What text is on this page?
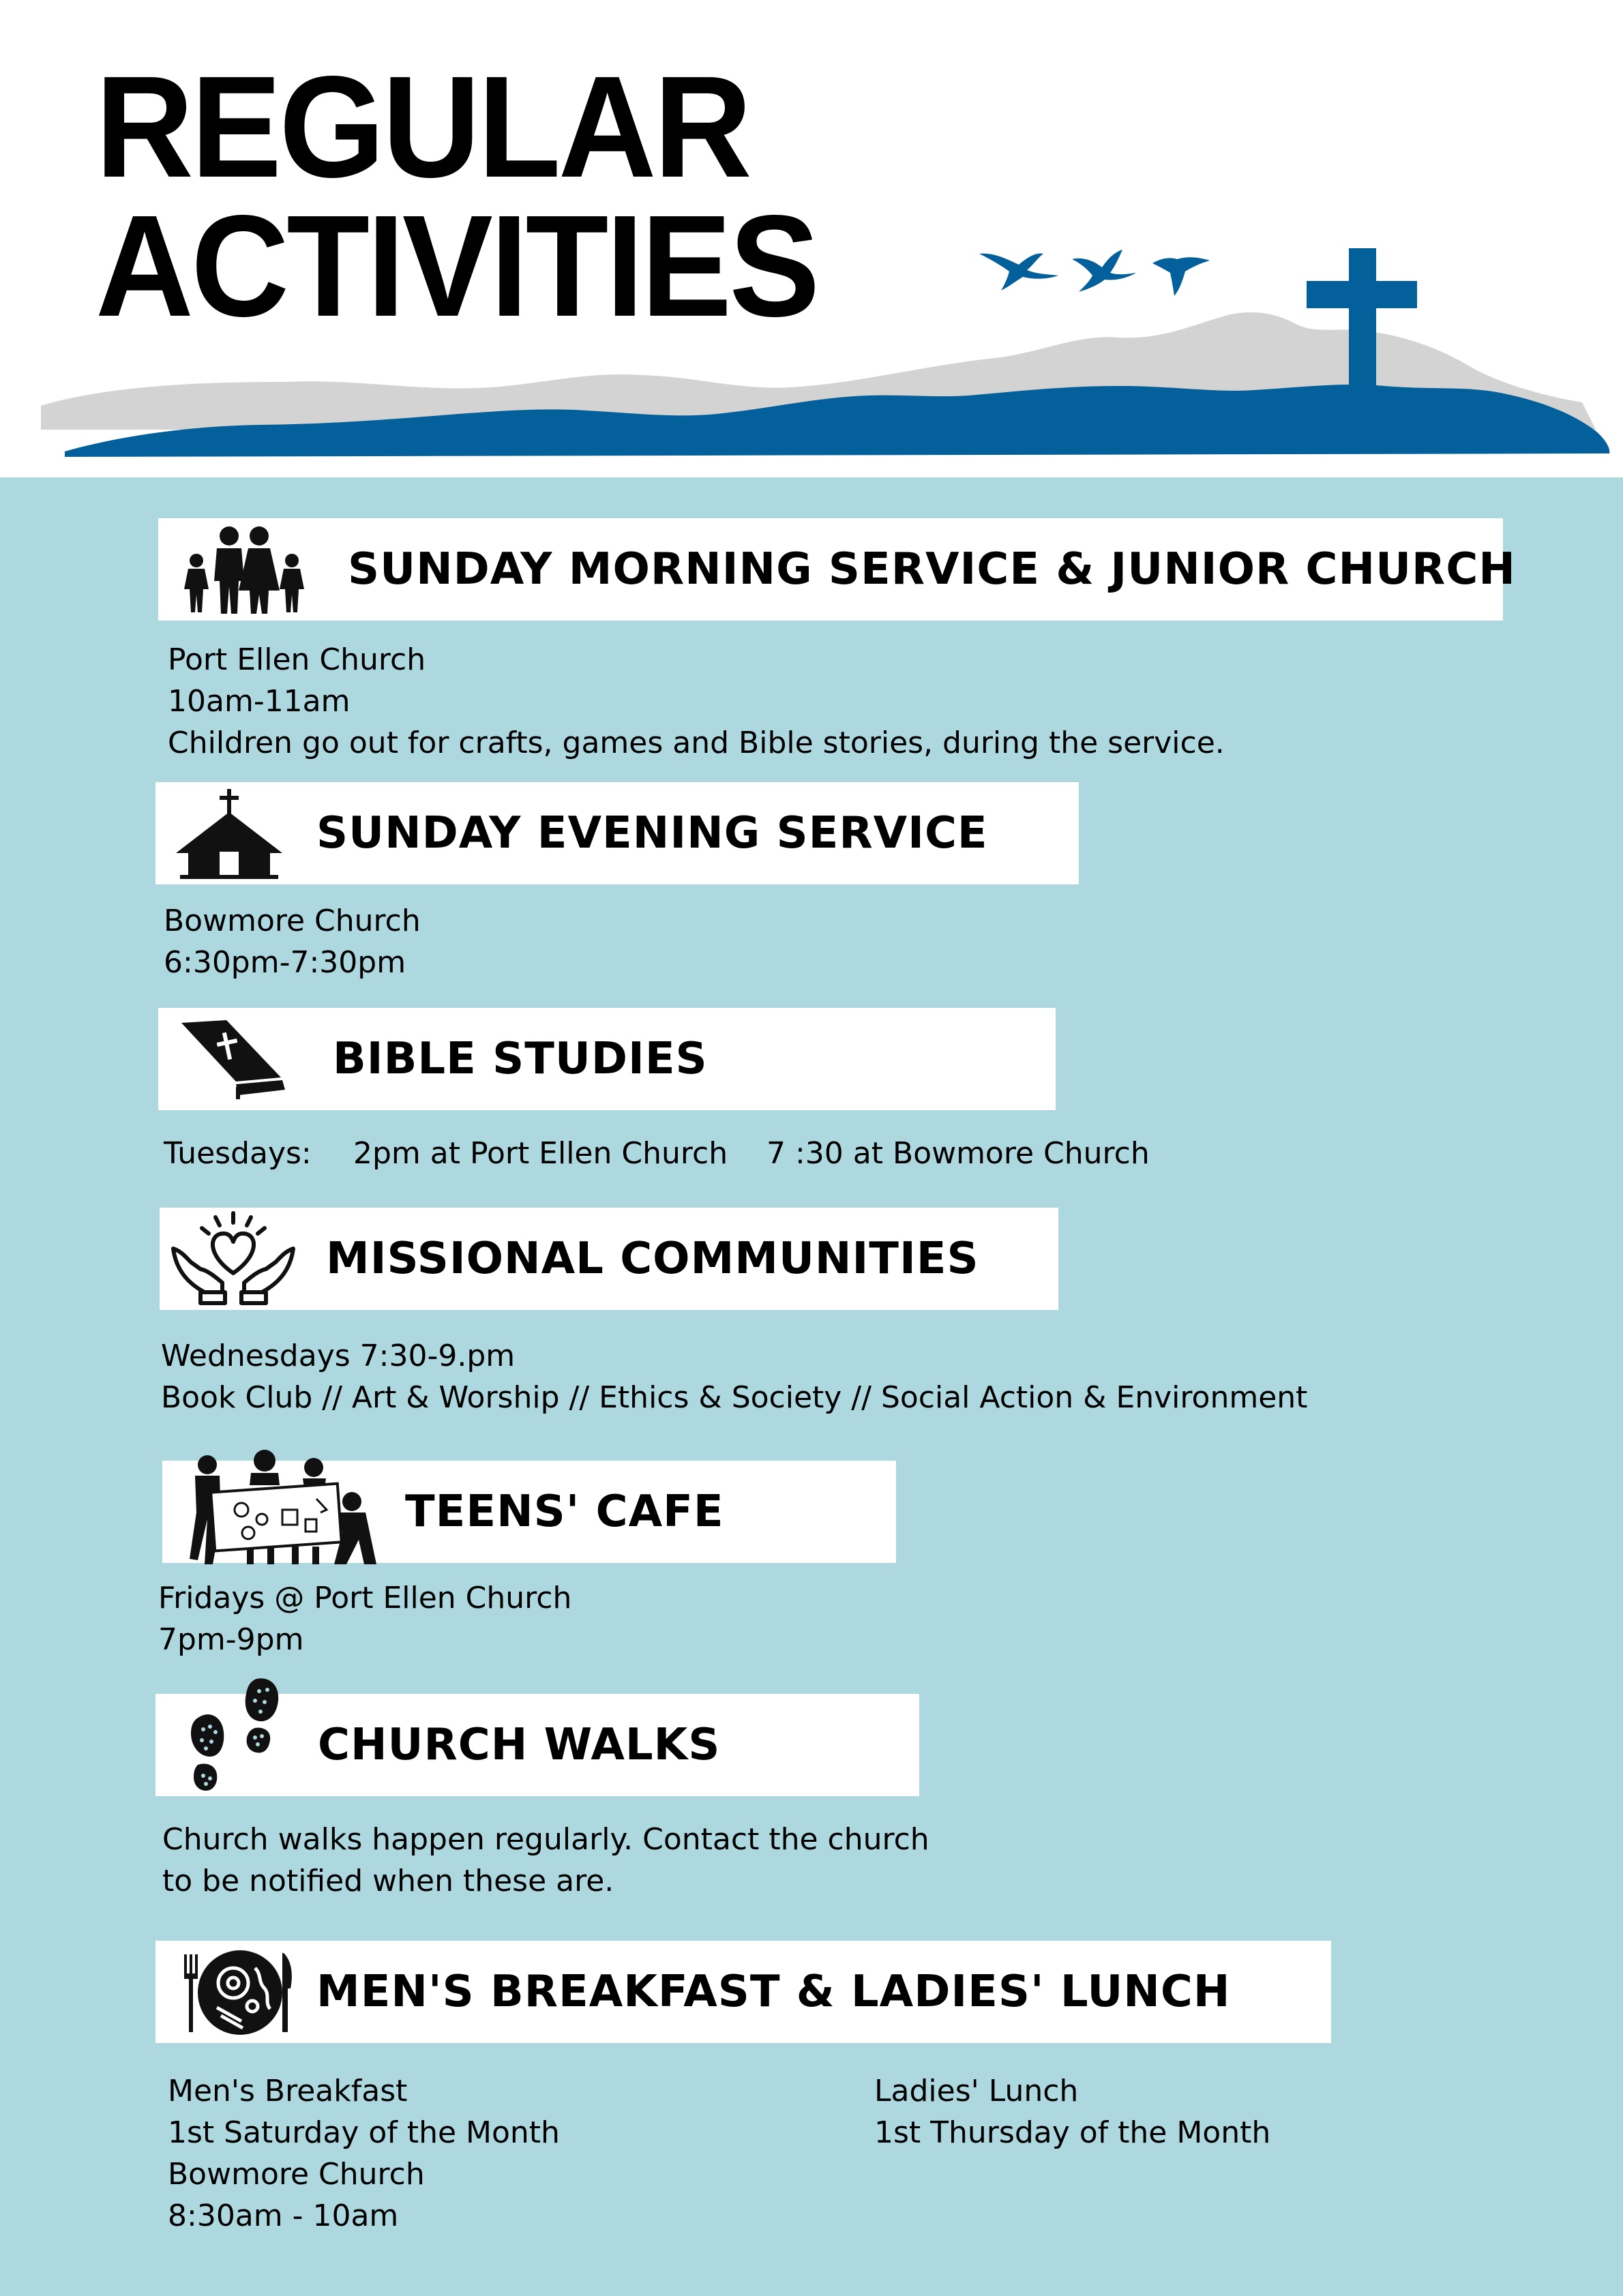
REGULAR
ACTIVITIES
SUNDAY MORNING SERVICE & JUNIOR CHURCH
Port Ellen Church
10am-11am
Children go out for crafts, games and Bible stories, during the service.
SUNDAY EVENING SERVICE
Bowmore Church
6:30pm-7:30pm
BIBLE STUDIES
Tuesdays: 2pm at Port Ellen Church 7 :30 at Bowmore Church
MISSIONAL COMMUNITIES
Wednesdays 7:30-9.pm
Book Club // Art & Worship // Ethics & Society // Social Action & Environment
TEENS' CAFE
Fridays @ Port Ellen Church
7pm-9pm
CHURCH WALKS
Church walks happen regularly. Contact the church
to be notified when these are.
MEN'S BREAKFAST & LADIES' LUNCH
Men's Breakfast
1st Saturday of the Month
Bowmore Church
8:30am - 10am
Ladies' Lunch
1st Thursday of the Month
